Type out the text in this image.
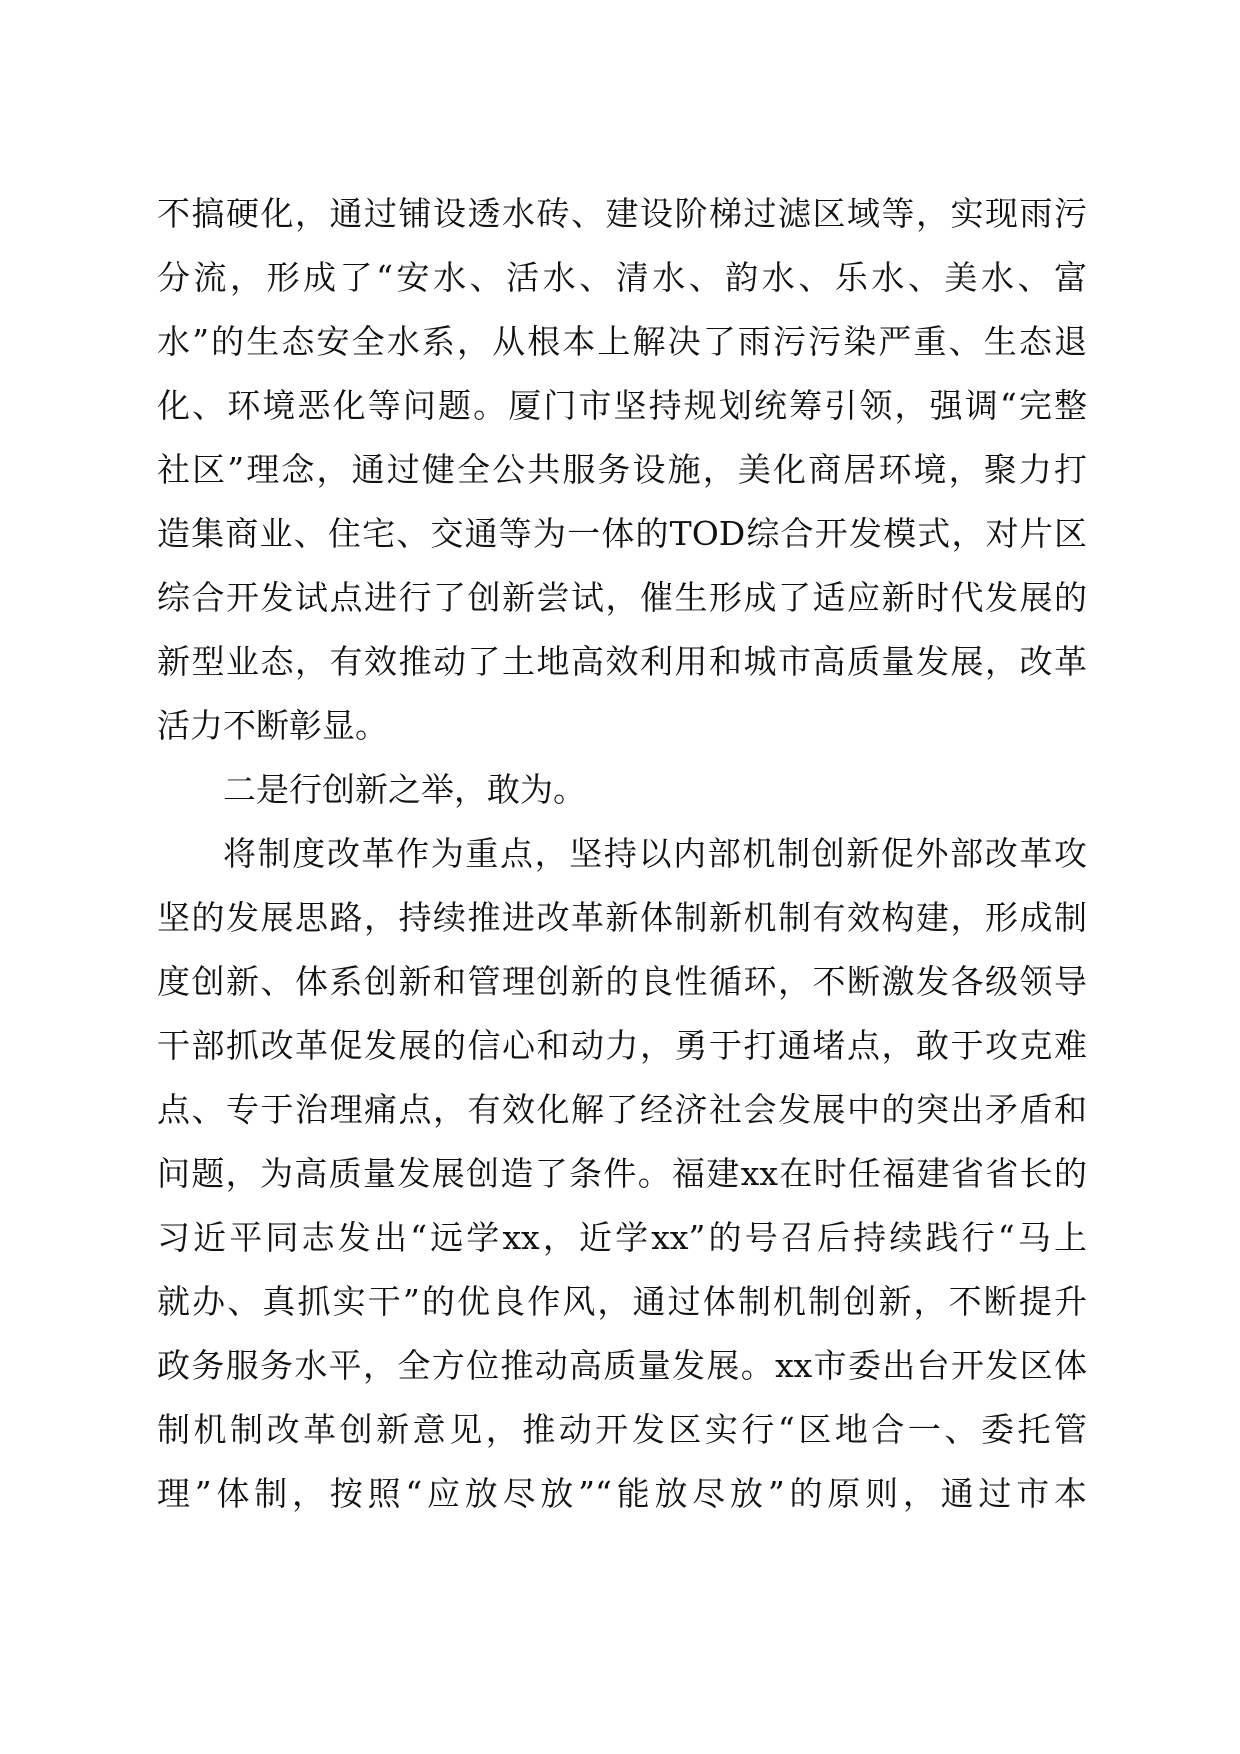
不搞硬化，通过铺设透水砖、建设阶梯过滤区域等，实现雨污
分流，形成了“安水、活水、清水、韵水、乐水、美水、富
水”的生态安全水系，从根本上解决了雨污污染严重、生态退
化、环境恶化等问题。厦门市坚持规划统筹引领，强调“完整
社区”理念，通过健全公共服务设施，美化商居环境，聚力打
造集商业、住宅、交通等为一体的TOD综合开发模式，对片区
综合开发试点进行了创新尝试，催生形成了适应新时代发展的
新型业态，有效推动了土地高效利用和城市高质量发展，改革
活力不断彰显。
二是行创新之举，敢为。
将制度改革作为重点，坚持以内部机制创新促外部改革攻
坚的发展思路，持续推进改革新体制新机制有效构建，形成制
度创新、体系创新和管理创新的良性循环，不断激发各级领导
干部抓改革促发展的信心和动力，勇于打通堵点，敢于攻克难
点、专于治理痛点，有效化解了经济社会发展中的突出矛盾和
问题，为高质量发展创造了条件。福建xx在时任福建省省长的
习近平同志发出“远学xx，近学xx”的号召后持续践行“马上
就办、真抓实干”的优良作风，通过体制机制创新，不断提升
政务服务水平，全方位推动高质量发展。xx市委出台开发区体
制机制改革创新意见，推动开发区实行“区地合一、委托管
理”体制，按照“应放尽放”“能放尽放”的原则，通过市本
